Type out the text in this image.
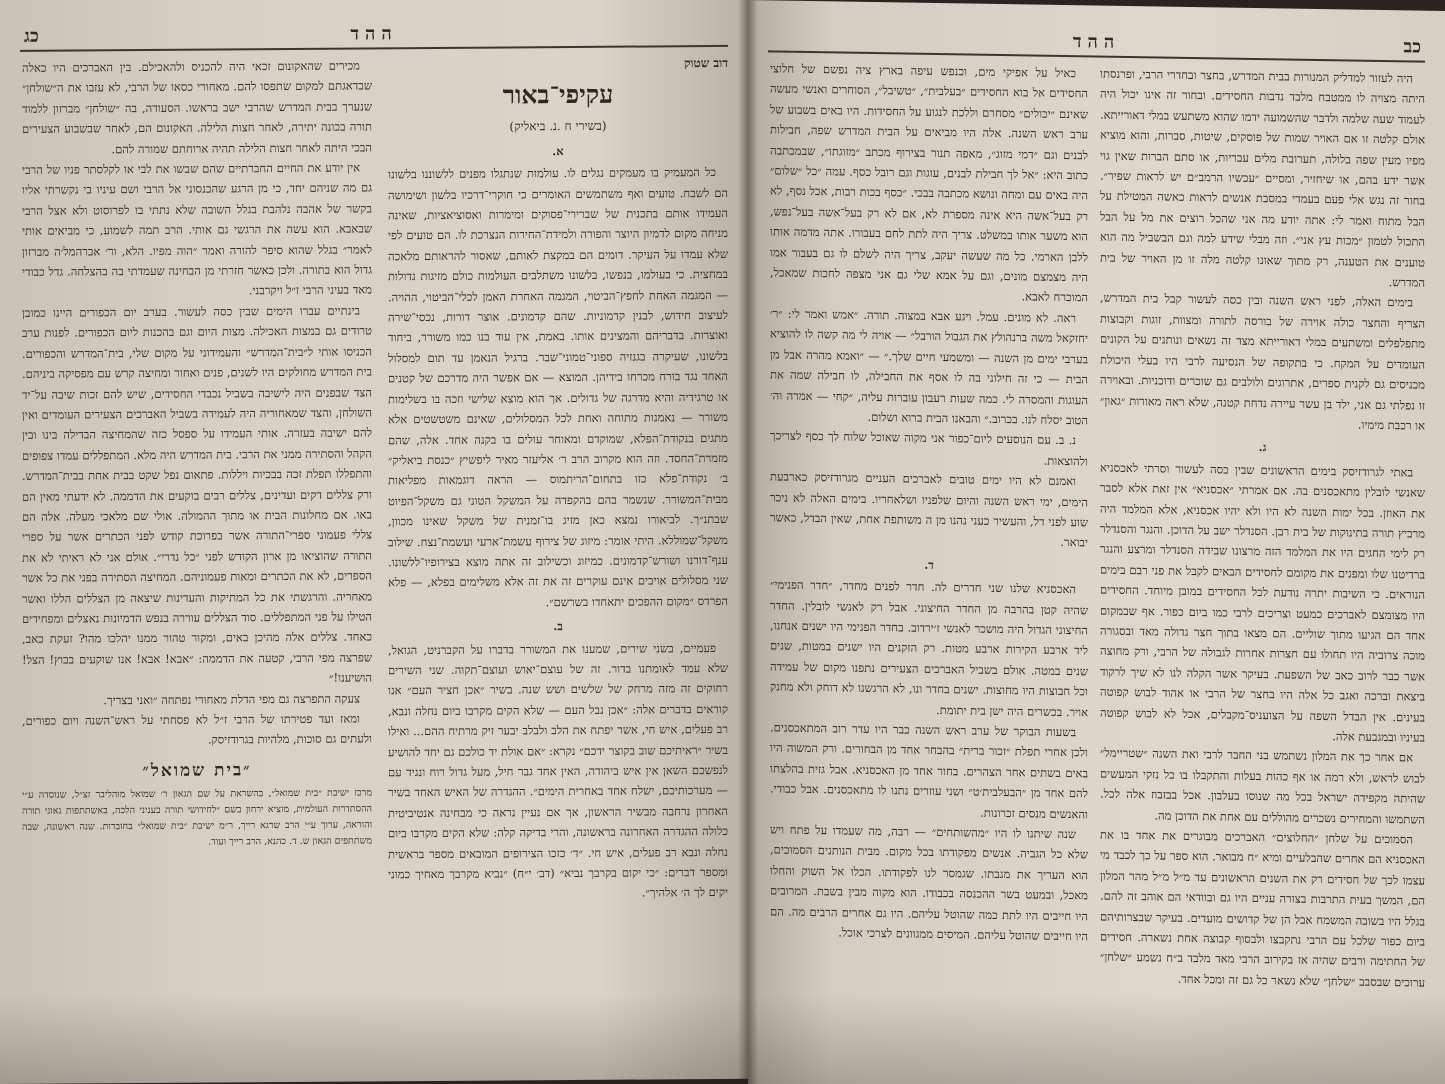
כג	ההד

דוב שטוק

עקיפי־באור

(בשירי ח .נ. ביאליק)

א.

כל המעמיק בו מעמקים נגלים לו. עולמות שנתגלו מפנים ללשוננו בלשונו הם לשבח. טועים ואף משתמשים האומרים כי חוקרי־דרכיו בלשון ושימושה העמידו אותם בתכנית של שברירי־פסוקים ומימרות ואסוציאציות, שאינה מניחה מקום לדמיון היוצר והפורה ולמידת־החירות הנצרכת לו. הם טועים לפי שלא עמדו על העיקר. דומים הם במקצת לאותם, שאסור להראותם מלאכה במחצית. כי בעולמו, בנפשו, בלשונו משתלבים העולמות כולם מזיגות גדולות — המגמה האחת לחפץ־הביטוי, המגמה האחרת האמן לכלי־הביטוי, ההויה. לעיצוב חידוש, לבנין קדמוניות. שהם קדמונים. אוצר דורות, נכסי־שירה ואוצרות. בדבריהם והמצינים אותו. באמת, אין עוד בנו כמו משורר, ביחוד בלשונו, שעיקרה בגנזיה ספוני־טמוני־שבר. ברגיל הנאמן עד תום למסלול האחד נגד בורח מכרחו בידיהן. המוצא — אם אפשר היה מדרכם של קטנים או טרגידיה והיא מדרגה של גדולים. אך הוא מוצא שלישי וזכה בו בשלימות משורר — נאמנות מתוחה ואחת לכל המסלולים, שאינם משטשטים אלא מתגים בנקודת־הפלא, שמוקדם ומאוחר עולים בו בקנה אחד. אלה, שהם מזמרת־החסד. וזה הוא מקרוב הרב ר׳ אליעזר מאיר ליפשיץ ״כנסת ביאליק״ ב׳ נקודת־פלא כזו בתחום־הריתמוס — הראה דוגמאות מפליאות מבית־המשורר. שנשמר בהם בהקפדה על המשקל הטוני גם משקל־הפיוט שבתנ״ך. לביאורו נמצא כאן מזיג בו־זמנית של משקל שאינו מכוון, משקל־שמוללא. היתי אומר: מיזוג של צירוף עשמת־ארעי ועשמת־נצח. שילוב ענף־דורנו ושורש־קדמונים. כמיזוג וכשילוב זה אתה מוצא בצירופיו־ללשונו. שני מסלולים אויבים אינם עוקרים זה את זה אלא משלימים בפלא, — פלא הפרדס ״מקום ההפכים יתאחדו בשרשם״.

ב.

פעמיים, בשני שירים, שמענו את המשורר בדברו על הקברניט, הגואל, שלא עמד לאומתנו בדור. זה של עוצם־יאוש ועוצם־תקוה. שני השירים רחוקים זה מזה מרחק של שלשים ושש שנה. בשיר ״אכן חציר העם״ אנו קוראים בדברים אלה: ״אכן נבל העם — שלא הקים מקרבו ביום נחלה ונבא, רב פעלים, איש חי, אשר יפתח את הלב ולבלב יבער זיק מרתיח ההם... ואילו בשיר ״ראיתיכם שוב בקוצר ידכם״ נקרא: ״אם אולת יד כולכם גם יחד להושיע לנפשכם השאן אין איש ביהודה, האין אחד גבר חיל, מעל גדול רוח ונגיד עם — מערכותיכם, ישלח אחד באחרית הימים״. ההגדרה של האיש האחד בשיר האחרון נרחבה מבשיר הראשון, אך אם נעיין נראה כי מבחינה אנטיביטית כלולה ההגדרה האחרונה בראשונה, והרי בדיקה קלה: שלא הקים מקרבו ביום נחלה ונבא רב פעלים, איש חי. ״ד׳ כזכו הצירופים המובאים מספר בראשית ומספר דברים: ״כי יקום בקרבך נביא״ (דב׳ י״ח) ״נביא מקרבך מאחיך כמוני יקים לך ה׳ אלהיך״.

מכירים שהאקונום זכאי היה להכניס ולהאכילם. בין האברכים היו כאלה שבדאגתם למקום שתפסו להם. מאחורי כסאו של הרבי, לא עזבו את ה״שולחן״ שנערך בבית המדרש שהרבי ישב בראשו. הסעודה, בה ״שולחן״ מברזון ללמוד תורה בכונה יתירה, לאחר חצות הלילה. האקונום הם, לאחר שבשבוע הצעירים הבכי היתה לאחר חצות הלילה תהיה ארוחתם שמורה להם.

אין יודע את החיים החברתיים שהם שבשו את לבי או לקלסתר פניו של הרבי גם מה שניהם יחד, כי מן הרגע שהכנסוני אל הרבי ושם עיניו בי נקשרתי אליו בקשר של אהבה נלהבת בגלל השובה שלא נתתי בו לפרוסוט ולא אצל הרבי שבאבא. הוא עשה את הרגשי גם אותי. הרב תמה לשמוע, כי מביאים אותי לאמר״ בגלל שהוא סיפר להורה ואמר ״הוה מפיו. הלא, ור׳ אברהמל׳ה מברזון גדול הוא בתורה. ולכן כאשר חזרתי מן הבחינה שעמדתי בה בהצלחה. גדל כבודי מאד בעיני הרבי ז״ל ויקרבני.

בינתיים עברו הימים שבין כסה לעשור. בערב יום הכפורים היינו כמובן טרודים גם במצות האכילה. מצות היום וגם בהכנות ליום הכפורים. לפנות ערב הכניסו אותי ל״בית־המדרש״ והעמידוני על מקום שלי, בית־המדרש והכפורים. בית המדרש מחולקים היו לשנים, פנים ואחור ומחיצה קרש עם מפסיקה ביניהם. הצד שבפנים היה לישיבה בשביל נכבדי החסידים, שיש להם זכות שיבה על־יד השולחן, והצד שמאחוריה היה לעמידה בשביל האברכים הצעירים העומדים ואין להם ישיבה בעזרה. אותי העמידו על ספסל כזה שהמחיצה הבדילה בינו ובין הקהל והסתירה ממני את הרבי. בית המדרש היה מלא. המתפללים עמדו צפופים והתפללו תפלת זכה בבכיות ויללות. פתאום נפל שקט בבית אחת בבית־המדרש. ורק צללים דקים ועדינים, צללים רבים בוקעים את הדממה. לא ידעתי מאין הם באו. אם מחלונות הבית או מתוך ההמולה. אולי שם מלאכי מעלה. אלה הם צללי פעמוני ספרי־התורה אשר בפרוכת קודש לפני הכתרים אשר על ספרי התורה שהוציאו מן ארון הקודש לפני ״כל נדרי״. אולם אני לא ראיתי לא את הספרים, לא את הכתרים ומאות פעמוניהם. המחיצה הסתירה בפני את כל אשר מאחריה. והרגשתי את כל המתיקות והעדינות שיצאה מן הצללים הללו ואשר הטילו על פני המתפללים. סוד הצללים עוררה בנפש הדמיונות נאצלים ומפחידים כאחד. צללים אלה מהיכן באים, ומקור טהור ממנו יהלכו מהו? זעקת כאב, שפרצה מפי הרבי, קטעה את הדממה: ״אבא! אבא! אנו שוקעים בבוץ! הצל! הושיענו!״

צעקה התפרצה גם מפי הדלת מאחורי נפתחה ״ואני בצריך.

ומאז ועד פטירתו של הרבי ז״ל לא פסחתי על ראש־השנה ויום כפורים, ולעתים גם סוכות, מלהיות בגרודזיסק.

״בית שמואל״

מרכז ישיבת ״בית שמואל״, בהשראת על שם הגאון ר׳ שמואל מוהליבר זצ״ל, שנוסדה ע״י ההסתדרות העולמית, מוציא ירחון בשם ״לחידושי תורה בעניני הלכה, באשתתפות גאוני תורה והוראה, ערוך ע״י הרב שרגא רייך, ר״מ ישיבת ״בית שמואל״ בחוברות. שנה ראשונה, שבה משתתפים הגאון ש. ד. כהנא, הרב רייך ועוד.

כב
ההד

היה לעזור למדליק המנורות בבית המדרש, בחצר ובחדרי הרבי, ופרנסתו היתה מצויה לו ממטבח מלבד נדבות החסידים. ובחור זה אינו יכול היה לעמוד שעה שלמה ולדבר שהשמועה ידמו שהוא משתעש במלי דאורייתא. אולם קלטה זו אם האויר שמות של פוסקים, שיטות, סברות, והוא מוציא מפיו מעין שפה בלולה, תערובת מלים עבריות, או סתם הברות שאין גוי אשר ידע בהם, או שיחזיר, ומסיים ״עכשיו הרמב״ם יש לראות שפיר״. בחור זה נגש אלי פעם בעמדי במסבת אנשים לראות כאשה המטילת על הבל מתוח ואמר לי: אתה יודע מה אני שהכל רוצים את מל על הבל התכול לטמון ״מכות עץ אני״. וזה מבלי שידע למה וגם הבשביל מה הוא טוענים את הטענה, רק מתוך שאונו קלטה מלה זו מן האויר של בית המדרש.

בימים האלה, לפני ראש השנה ובין כסה לעשור קבל בית המדרש, הצריף והחצר כולה אוירה של בורסה לתורה ומצוות, זוגות וקבוצות מתפלפלים ומשתעים במלי דאורייתא מצד זה נשאים ונותנים על הקונים העומדים על המקח. כי בתקופה של הנסיעה לרבי היו בעלי היכולת מכניסים גם לקנית ספרים, אתרוגים ולולבים גם שוכרים ודוכניות. ובאוירה זו נפלתי גם אני, ילד בן עשר עיירה נדחת קטנה, שלא ראה מאורות ״גאון״ או רכבת מימיו.

ג.

באתי לגרודזיסק בימים הראשונים שבין כסה לעשור וסרתי לאכסניא שאנשי לובלין מתאכסנים בה. אם אמרתי ״אכסניא״ אין זאת אלא לסבר את האוזן. בכל ימות השנה לא היו ולא יהיו אכסניא, אלא המלמד היה מרביץ תורה בתינוקות של בית רבן. הסנדלר ישב על הדוכן. והנגר והסנדלר רק לימי החגים היו את המלמד הזה מרצונו שבידה הסנדלר ומרצע והנגר ברדיטנו שלו ומפנים את מקומם לחסידים הבאים לקבל את פני רבם בימים הנוראים. כי השיבות יתרה נודעת לכל החסידים במובן מיוחד. החסידים היו מצומצם לאברכים כמעט וצריכים לרבי כמו ביום כפור. אף שבמקום אחד הם הגיעו מתוך שוליים. הם מצאו בתוך חצר גדולה מאד ובסגורה מוכה צרוביה היו תחולו עם חצרות אחרות לגבולה של הרבי, ורק מחוצה אשר כבר לרוב כאב של השפעת. בעיקר אשר הקלה לנו לא שיך לרקוד ביצאת וברכה ואגב כל אלה היו בחצר של הרבי או אהוד לבוש קפוטה בעינים. אין הבדל השפה על הצועניס־מקבלים, אכל לא לבוש קפוטה בעיניו ובמגבעת אלה.

אם אחר כך את המלון נשתמש בני החבר לרבי ואת השנה ״שטריימל״ לבוש לראש, ולא רמה או אף כהות בעלות והתקבלו בו כל נזקי המעשים שהיתה מקפידה ישראל בכל מה שנוסו בעלבון. אכל בבזבוז אלה לכל. השתמשו והמחירים נשכרים מהוללים עם אחת את הדוכן מה.

הסמוכים על שלחן ״החלוצים״ האברכים מבוגרים את אחד בו את האכסניא הם אחרים שהבלעיים ומיא ״ח מבואר. הוא ספר על כך לכבד מי עצמו לכך של חסידים רק את השנים הראשונים עד מ״ל מ״ל מהר המלון הם, המשך בעית התרבות בצורה עניים היו גם ובוודאי הם אוהב זה להם. בגלל היו בשובה המשמח אבל הן של קדושים מועדים. בעיקר שבצרותיהם ביום כפור שלכל עם הרבי נתקבצו ולבסוף קבוצה אחת נשארה. חסידים של החתימה ורבים שהיה אז בקירוב הרבי מאד מלבד ב״ח נשמע ״שלחן״ ערוכים שבסבב ״שלחן״ שלא נשאר כל גם זה ומכל אחד.

כאיל על אפיקי מים, וכנפש עיפה בארץ ציה נפשם של חלוצי החסידים אל בוא החסידים ״בעלבית״, ״טשיבל״, הסוחרים ואנשי מעשה שאינם ״יכולים״ מסחרם וללכת לנגוע על החסידות. היו באים בשבוע של ערב ראש השנה. אלה היו מביאים על הבית המדרש שפה, חבילות לבנים וגם ״דמי מזוג״, מאפה תנור בצירוף מכתב ״מזוגתו״, שבמכתבה כתוב היא: ״אל לך חבילת לבנים, עוגות וגם רובל כסף. עמה ״כל ״שלום״ היה באים עם ומחה ונושא מכתבה בבכי. ״כסף בכות רבות, אכל נסף, לא רק בעל־אשה היא אינה מספרת לא, אם לא רק בעל־אשה בעל־נפש, הוא משער אותו במשלט. צריך היה לתת לחם בעבורו. אתה מדמה אותו ללבן הארמי. כל מה שעשה יעקב, צריך היה לשלם לו גם בעבור אמו היה מצמצם מונים, וגם על אמא שלי גם אני מצפה לחכות שמאכל, המוכרח לאבא.

ראה. לא מונים. עמל. ויגע אבא במצוה. תורה. ״אמש ואמר לי: ״ר׳ יחזקאל משה ברנהולץ את הגבול הורבל״ — אויה לי מה קשה לו להוציא בערבי ימים מן השנה — ומשמעי חיים שלך.״ — ״ואמא מהרה אבל מן הבית — כי זה חילוני בה לו אסף את החבילה, לו חבילה שמה את העוגות והמסרה לי. כמה שעות רעבון עוברות עליה, ״קחי — אמרה וה׳ הטוב יסלח לנו. בכרוב.״ והבאנו הבית ברוא ושלום.

נ. ב. עם הנוסעים ליום־כפור אני מקוה שאוכל שלוח לך כסף לצריכך ולהוצאות.

ואמנם לא היו ימים טובים לאברכים העניים מגרודזיסק כארבעת הימים, ימי ראש השנה והיום שלפניו ושלאחריו. בימים האלה לא ניכר שוע לפני דל, והעשיר כעני נהנו מן ה משותפת אחת, שאין הבדל, כאשר יבואר.

ד.

האכסניא שלנו שני חדרים לה. חדר לפנים מחדר, ״חדר הפנימי״ שהיה קטן בהרבה מן החדר החיצוני. אבל רק לאנשי לובלין. החדר החיצוני הגדול היה מושכר לאנשי ז׳ירדוב. בחדר הפנימי היו ישנים אנחנו, ליד ארבע הקירות ארבע מטות. רק הזקנים היו ישנים במטות, שנים שנים במטה. אולם בשביל האברכים הצעירים נתפנו מקום של עמידה וכל חבוצות היו מחוצות. ישנים בחדר ונו, לא הרגשנו לא דוחק ולא מחנק אויר. בכשרים היה ישן בית יתומת.

בשעות הבוקר של ערב ראש השנה כבר היו עדר רוב המתאכסנים. ולכן אחרי תפלת ״זכור ברית״ בהבחר אחד מן הבחורים. ורק המשוה היו באים בשתים אחר הצהרים. בחור אחד מן האכסניא. אבל גזית בהלצתו להם אחד מן ״הבעלבית׳ט״ ושני עוזרים נתנו לו מתאכסנים. אבל כבודי. והאנשים מנסים זכרונות.

שנה שיתנו לו היו ״מהשותחים״ — רבה, מה שעמדו על פתח ויש שלא כל הגביה. אנשים מפקודתו בכל מקום. מבית הנותנים הסמוכים, הוא העריך את מגבתו. שגמסר לנו לפקודתו. הכלו אל השוק והחלו מאכל, ובמעט בשר ההכנסה בכבודו. הוא מקוה מבין בשבת. המרובים היו חייבים היו לתת כמה שהוטל עליהם. היו גם אחרים הרבים מה. הם היו חייבים שהוטל עליהם. המיסים ממגוונים לצרכי אוכל.
